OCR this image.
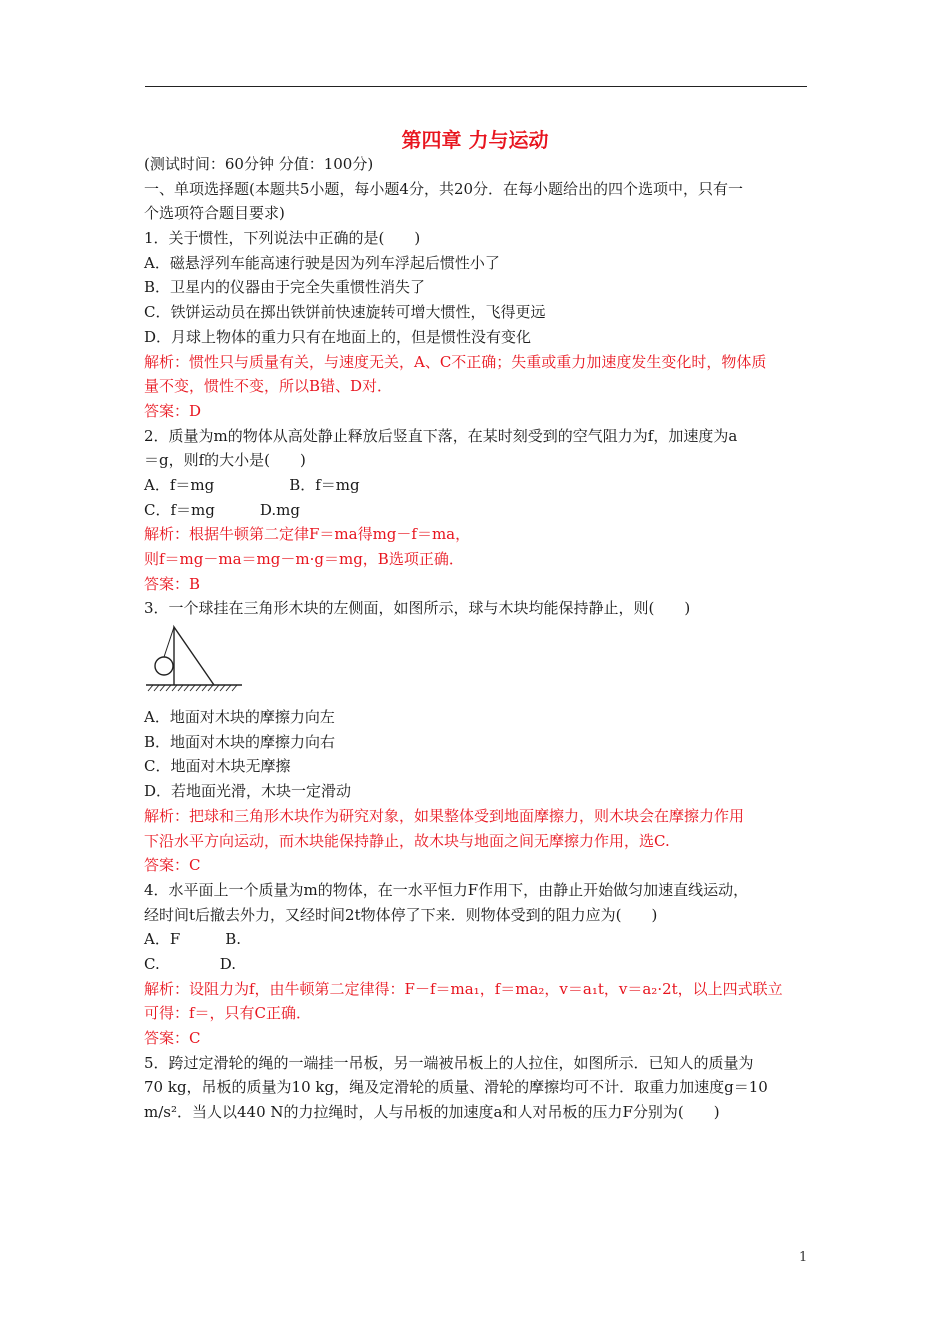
第四章 力与运动
(测试时间：60分钟 分值：100分)
一、单项选择题(本题共5小题，每小题4分，共20分．在每小题给出的四个选项中，只有一
个选项符合题目要求)
1．关于惯性，下列说法中正确的是(　　)
A．磁悬浮列车能高速行驶是因为列车浮起后惯性小了
B．卫星内的仪器由于完全失重惯性消失了
C．铁饼运动员在掷出铁饼前快速旋转可增大惯性，飞得更远
D．月球上物体的重力只有在地面上的，但是惯性没有变化
解析：惯性只与质量有关，与速度无关，A、C不正确；失重或重力加速度发生变化时，物体质
量不变，惯性不变，所以B错、D对．
答案：D
2．质量为m的物体从高处静止释放后竖直下落，在某时刻受到的空气阻力为f，加速度为a
＝g，则f的大小是(　　)
A．f＝mg　　　　　B．f＝mg
C．f＝mg　　　D.mg
解析：根据牛顿第二定律F＝ma得mg－f＝ma，
则f＝mg－ma＝mg－m·g＝mg，B选项正确．
答案：B
3．一个球挂在三角形木块的左侧面，如图所示，球与木块均能保持静止，则(　　)
A．地面对木块的摩擦力向左
B．地面对木块的摩擦力向右
C．地面对木块无摩擦
D．若地面光滑，木块一定滑动
解析：把球和三角形木块作为研究对象，如果整体受到地面摩擦力，则木块会在摩擦力作用
下沿水平方向运动，而木块能保持静止，故木块与地面之间无摩擦力作用，选C.
答案：C
4．水平面上一个质量为m的物体，在一水平恒力F作用下，由静止开始做匀加速直线运动，
经时间t后撤去外力，又经时间2t物体停了下来．则物体受到的阻力应为(　　)
A．F　　　B.
C.　　　　D.
解析：设阻力为f，由牛顿第二定律得：F－f＝ma₁，f＝ma₂，v＝a₁t，v＝a₂·2t，以上四式联立
可得：f＝，只有C正确．
答案：C
5．跨过定滑轮的绳的一端挂一吊板，另一端被吊板上的人拉住，如图所示．已知人的质量为
70 kg，吊板的质量为10 kg，绳及定滑轮的质量、滑轮的摩擦均可不计．取重力加速度g＝10
m/s²．当人以440 N的力拉绳时，人与吊板的加速度a和人对吊板的压力F分别为(　　)
1
